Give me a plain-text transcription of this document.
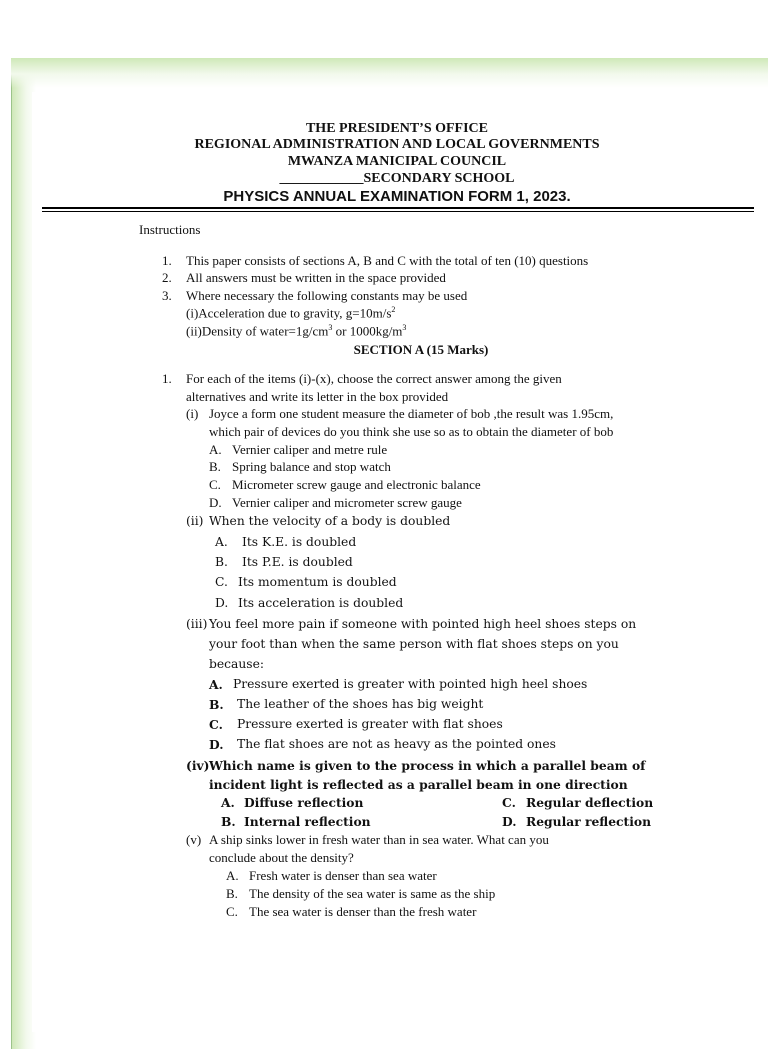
THE PRESIDENT’S OFFICE
REGIONAL ADMINISTRATION AND LOCAL GOVERNMENTS
MWANZA MANICIPAL COUNCIL
____________SECONDARY SCHOOL
PHYSICS ANNUAL EXAMINATION FORM 1, 2023.
Instructions
1. This paper consists of sections A, B and C with the total of ten (10) questions
2. All answers must be written in the space provided
3. Where necessary the following constants may be used
(i)Acceleration due to gravity, $g=10m/s^2$
(ii)Density of $water=1g/cm^3$ or $1000kg/m^3$
SECTION A (15 Marks)
1. For each of the items (i)-(x), choose the correct answer among the given
alternatives and write its letter in the box provided
(i) Joyce a form one student measure the diameter of bob ,the result was 1.95cm,
which pair of devices do you think she use so as to obtain the diameter of bob
A. Vernier caliper and metre rule
B. Spring balance and stop watch
C. Micrometer screw gauge and electronic balance
D. Vernier caliper and micrometer screw gauge
(ii) When the velocity of a body is doubled
A. Its K.E. is doubled
B. Its P.E. is doubled
C. Its momentum is doubled
D. Its acceleration is doubled
(iii) You feel more pain if someone with pointed high heel shoes steps on
your foot than when the same person with flat shoes steps on you
because:
A. Pressure exerted is greater with pointed high heel shoes
B. The leather of the shoes has big weight
C. Pressure exerted is greater with flat shoes
D. The flat shoes are not as heavy as the pointed ones
(iv) Which name is given to the process in which a parallel beam of
incident light is reflected as a parallel beam in one direction
A. Diffuse reflection
B. Internal reflection
C. Regular deflection
D. Regular reflection
(v) A ship sinks lower in fresh water than in sea water. What can you
conclude about the density?
A. Fresh water is denser than sea water
B. The density of the sea water is same as the ship
C. The sea water is denser than the fresh water
